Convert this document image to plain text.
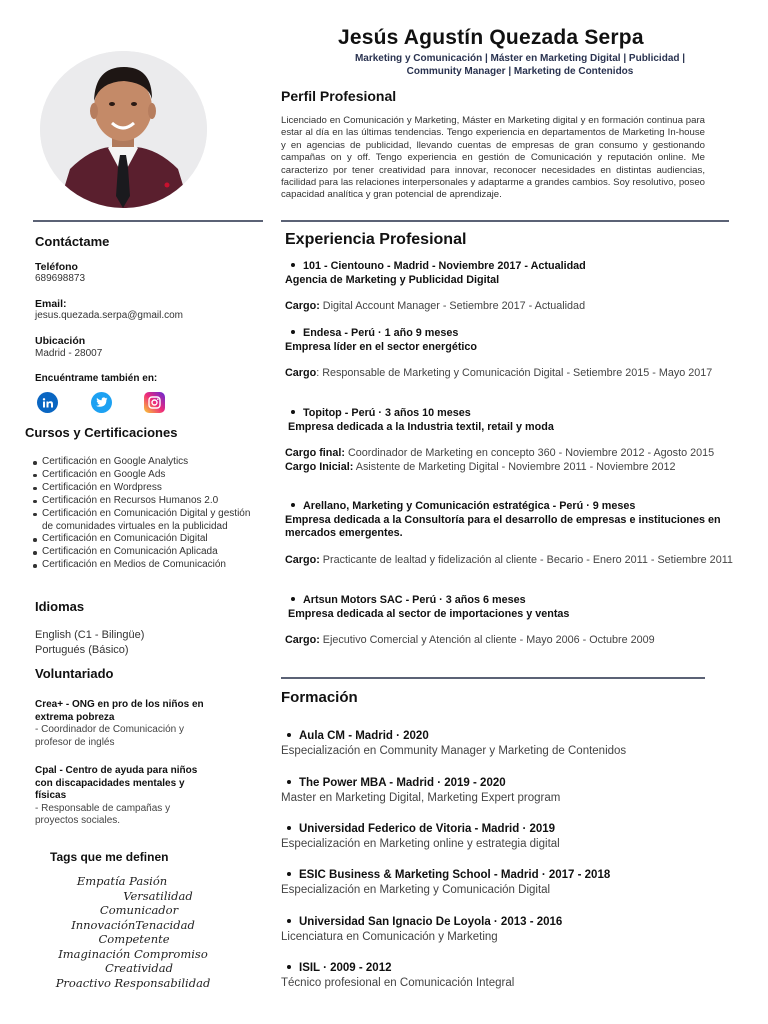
Jesús Agustín Quezada Serpa
Marketing y Comunicación | Máster en Marketing Digital | Publicidad |
Community Manager | Marketing de Contenidos
Perfil Profesional
Licenciado en Comunicación y Marketing, Máster en Marketing digital y en formación continua para estar al día en las últimas tendencias. Tengo experiencia en departamentos de Marketing In-house y en agencias de publicidad, llevando cuentas de empresas de gran consumo y gestionando campañas on y off. Tengo experiencia en gestión de Comunicación y reputación online. Me caracterizo por tener creatividad para innovar, reconocer necesidades en distintas audiencias, facilidad para las relaciones interpersonales y adaptarme a grandes cambios. Soy resolutivo, poseo capacidad analítica y gran potencial de aprendizaje.
Contáctame
Teléfono
689698873
Email:
jesus.quezada.serpa@gmail.com
Ubicación
Madrid - 28007
Encuéntrame también en:
Cursos y Certificaciones
Certificación en Google Analytics
Certificación en Google Ads
Certificación en Wordpress
Certificación en Recursos Humanos 2.0
Certificación en Comunicación Digital y gestión de comunidades virtuales en la publicidad
Certificación en Comunicación Digital
Certificación en Comunicación Aplicada
Certificación en Medios de Comunicación
Idiomas
English (C1 - Bilingüe)
Portugués (Básico)
Voluntariado
Crea+ - ONG en pro de los niños en extrema pobreza
- Coordinador de Comunicación y profesor de inglés
Cpal - Centro de ayuda para niños con discapacidades mentales y físicas
- Responsable de campañas y proyectos sociales.
Tags que me definen
Empatía Pasión
Versatilidad
Comunicador
InnovaciónTenacidad
Competente
Imaginación Compromiso
Creatividad
Proactivo Responsabilidad
Experiencia Profesional
101 - Cientouno - Madrid - Noviembre 2017 - Actualidad
Agencia de Marketing y Publicidad Digital
Cargo: Digital Account Manager - Setiembre 2017 - Actualidad
Endesa - Perú · 1 año 9 meses
Empresa líder en el sector energético
Cargo: Responsable de Marketing y Comunicación Digital - Setiembre 2015 - Mayo 2017
Topitop - Perú · 3 años 10 meses
Empresa dedicada a la Industria textil, retail y moda
Cargo final: Coordinador de Marketing en concepto 360 - Noviembre 2012 - Agosto 2015
Cargo Inicial: Asistente de Marketing Digital - Noviembre 2011 - Noviembre 2012
Arellano, Marketing y Comunicación estratégica - Perú · 9 meses
Empresa dedicada a la Consultoría para el desarrollo de empresas e instituciones en mercados emergentes.
Cargo: Practicante de lealtad y fidelización al cliente - Becario - Enero 2011 - Setiembre 2011
Artsun Motors SAC - Perú · 3 años 6 meses
Empresa dedicada al sector de importaciones y ventas
Cargo: Ejecutivo Comercial y Atención al cliente - Mayo 2006 - Octubre 2009
Formación
Aula CM - Madrid · 2020
Especialización en Community Manager y Marketing de Contenidos
The Power MBA - Madrid · 2019 - 2020
Master en Marketing Digital, Marketing Expert program
Universidad Federico de Vitoria - Madrid · 2019
Especialización en Marketing online y estrategia digital
ESIC Business & Marketing School - Madrid · 2017 - 2018
Especialización en Marketing y Comunicación Digital
Universidad San Ignacio De Loyola · 2013 - 2016
Licenciatura en Comunicación y Marketing
ISIL · 2009 - 2012
Técnico profesional en Comunicación Integral
